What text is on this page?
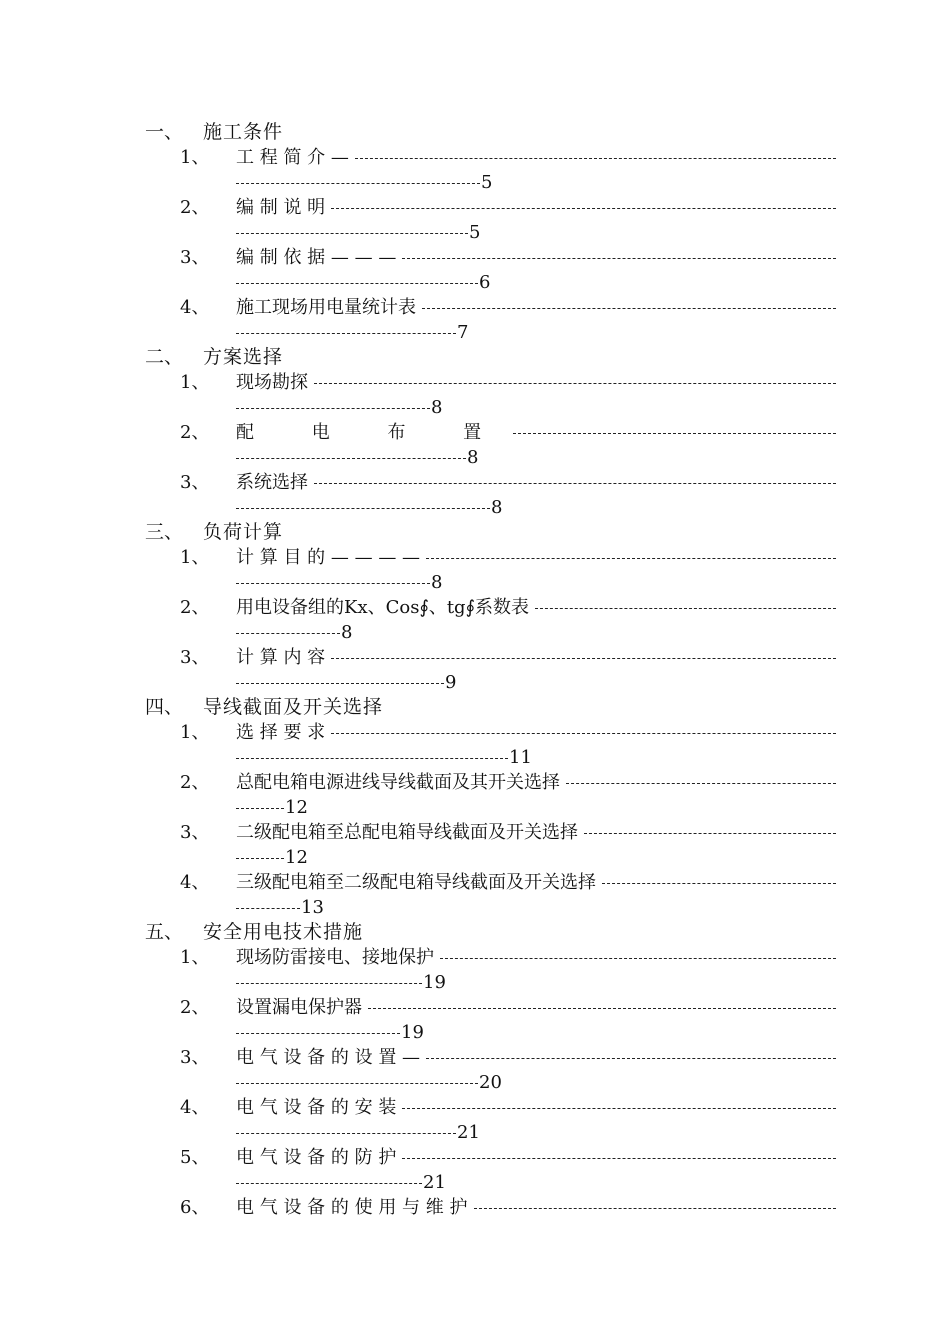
一、 施工条件
1、 工 程 简 介 —
5
2、 编 制 说 明
5
3、 编 制 依 据 — — —
6
4、 施工现场用电量统计表
7
二、 方案选择
1、 现场勘探
8
2、 配 电 布 置
8
3、 系统选择
8
三、 负荷计算
1、 计 算 目 的 — — — —
8
2、 用电设备组的Kx、Cos∮、tg∮系数表
8
3、 计 算 内 容
9
四、 导线截面及开关选择
1、 选 择 要 求
11
2、 总配电箱电源进线导线截面及其开关选择
12
3、 二级配电箱至总配电箱导线截面及开关选择
12
4、 三级配电箱至二级配电箱导线截面及开关选择
13
五、 安全用电技术措施
1、 现场防雷接电、接地保护
19
2、 设置漏电保护器
19
3、 电 气 设 备 的 设 置 —
20
4、 电 气 设 备 的 安 装
21
5、 电 气 设 备 的 防 护
21
6、 电 气 设 备 的 使 用 与 维 护
